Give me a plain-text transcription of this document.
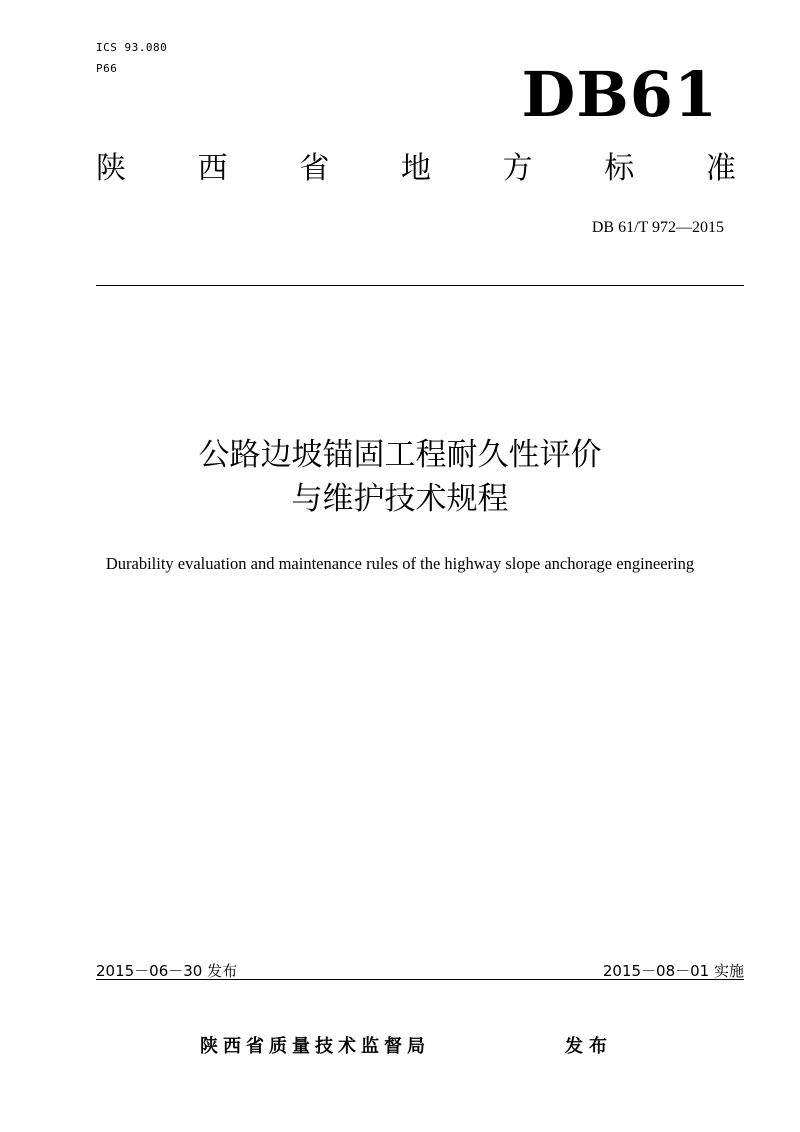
ICS 93.080
P66	DB61
陕 西 省 地 方 标 准
DB 61/T 972—2015
公路边坡锚固工程耐久性评价
与维护技术规程
Durability evaluation and maintenance rules of the highway slope anchorage engineering
2015－06－30 发布	2015－08－01 实施
陕西省质量技术监督局	发布
